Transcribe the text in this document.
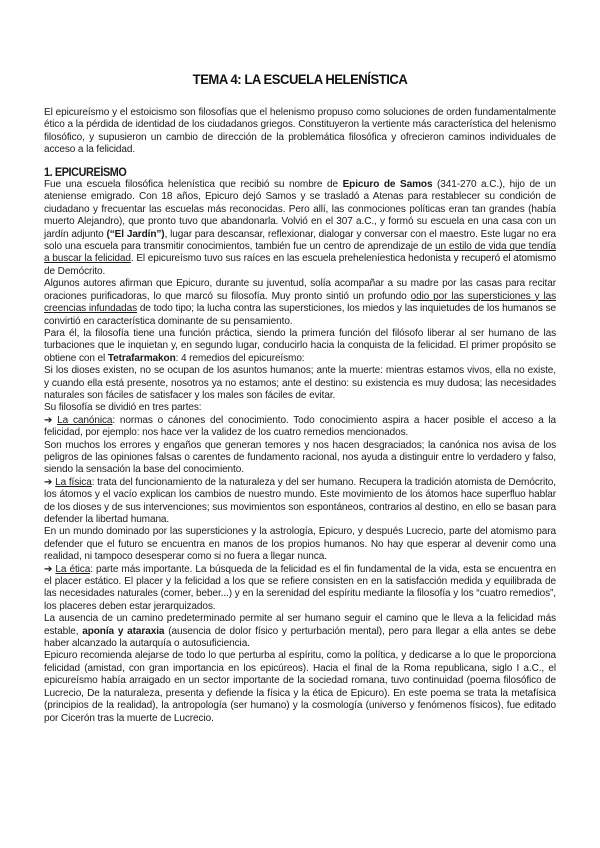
TEMA 4: LA ESCUELA HELENÍSTICA

El epicureísmo y el estoicismo son filosofías que el helenismo propuso como soluciones de orden fundamentalmente ético a la pérdida de identidad de los ciudadanos griegos. Constituyeron la vertiente más característica del helenismo filosófico, y supusieron un cambio de dirección de la problemática filosófica y ofrecieron caminos individuales de acceso a la felicidad.

1. EPICUREÍSMO

Fue una escuela filosófica helenística que recibió su nombre de Epicuro de Samos (341-270 a.C.), hijo de un ateniense emigrado. Con 18 años, Epicuro dejó Samos y se trasladó a Atenas para restablecer su condición de ciudadano y frecuentar las escuelas más reconocidas. Pero allí, las conmociones políticas eran tan grandes (había muerto Alejandro), que pronto tuvo que abandonarla. Volvió en el 307 a.C., y formó su escuela en una casa con un jardín adjunto (“El Jardín”), lugar para descansar, reflexionar, dialogar y conversar con el maestro. Este lugar no era solo una escuela para transmitir conocimientos, también fue un centro de aprendizaje de un estilo de vida que tendía a buscar la felicidad. El epicureísmo tuvo sus raíces en las escuela preheleníestica hedonista y recuperó el atomismo de Demócrito.

Algunos autores afirman que Epicuro, durante su juventud, solía acompañar a su madre por las casas para recitar oraciones purificadoras, lo que marcó su filosofía. Muy pronto sintió un profundo odio por las supersticiones y las creencias infundadas de todo tipo; la lucha contra las supersticiones, los miedos y las inquietudes de los humanos se convirtió en característica dominante de su pensamiento.

Para él, la filosofía tiene una función práctica, siendo la primera función del filósofo liberar al ser humano de las turbaciones que le inquietan y, en segundo lugar, conducirlo hacia la conquista de la felicidad. El primer propósito se obtiene con el Tetrafarmakon: 4 remedios del epicureísmo:

Si los dioses existen, no se ocupan de los asuntos humanos; ante la muerte: mientras estamos vivos, ella no existe, y cuando ella está presente, nosotros ya no estamos; ante el destino: su existencia es muy dudosa; las necesidades naturales son fáciles de satisfacer y los males son fáciles de evitar.

Su filosofía se dividió en tres partes:

➔ La canónica: normas o cánones del conocimiento. Todo conocimiento aspira a hacer posible el acceso a la felicidad, por ejemplo: nos hace ver la validez de los cuatro remedios mencionados.

Son muchos los errores y engaños que generan temores y nos hacen desgraciados; la canónica nos avisa de los peligros de las opiniones falsas o carentes de fundamento racional, nos ayuda a distinguir entre lo verdadero y falso, siendo la sensación la base del conocimiento.

➔ La física: trata del funcionamiento de la naturaleza y del ser humano. Recupera la tradición atomista de Demócrito, los átomos y el vacío explican los cambios de nuestro mundo. Este movimiento de los átomos hace superfluo hablar de los dioses y de sus intervenciones; sus movimientos son espontáneos, contrarios al destino, en ello se basan para defender la libertad humana.

En un mundo dominado por las supersticiones y la astrología, Epicuro, y después Lucrecio, parte del atomismo para defender que el futuro se encuentra en manos de los propios humanos. No hay que esperar al devenir como una realidad, ni tampoco desesperar como si no fuera a llegar nunca.

➔ La ética: parte más importante. La búsqueda de la felicidad es el fin fundamental de la vida, esta se encuentra en el placer estático. El placer y la felicidad a los que se refiere consisten en en la satisfacción medida y equilibrada de las necesidades naturales (comer, beber...) y en la serenidad del espíritu mediante la filosofía y los “cuatro remedios”, los placeres deben estar jerarquizados.

La ausencia de un camino predeterminado permite al ser humano seguir el camino que le lleva a la felicidad más estable, aponía y ataraxia (ausencia de dolor físico y perturbación mental), pero para llegar a ella antes se debe haber alcanzado la autarquía o autosuficiencia.

Epicuro recomienda alejarse de todo lo que perturba al espíritu, como la política, y dedicarse a lo que le proporciona felicidad (amistad, con gran importancia en los epicúreos). Hacia el final de la Roma republicana, siglo I a.C., el epicureísmo había arraigado en un sector importante de la sociedad romana, tuvo continuidad (poema filosófico de Lucrecio, De la naturaleza, presenta y defiende la física y la ética de Epicuro). En este poema se trata la metafísica (principios de la realidad), la antropología (ser humano) y la cosmología (universo y fenómenos físicos), fue editado por Cicerón tras la muerte de Lucrecio.
